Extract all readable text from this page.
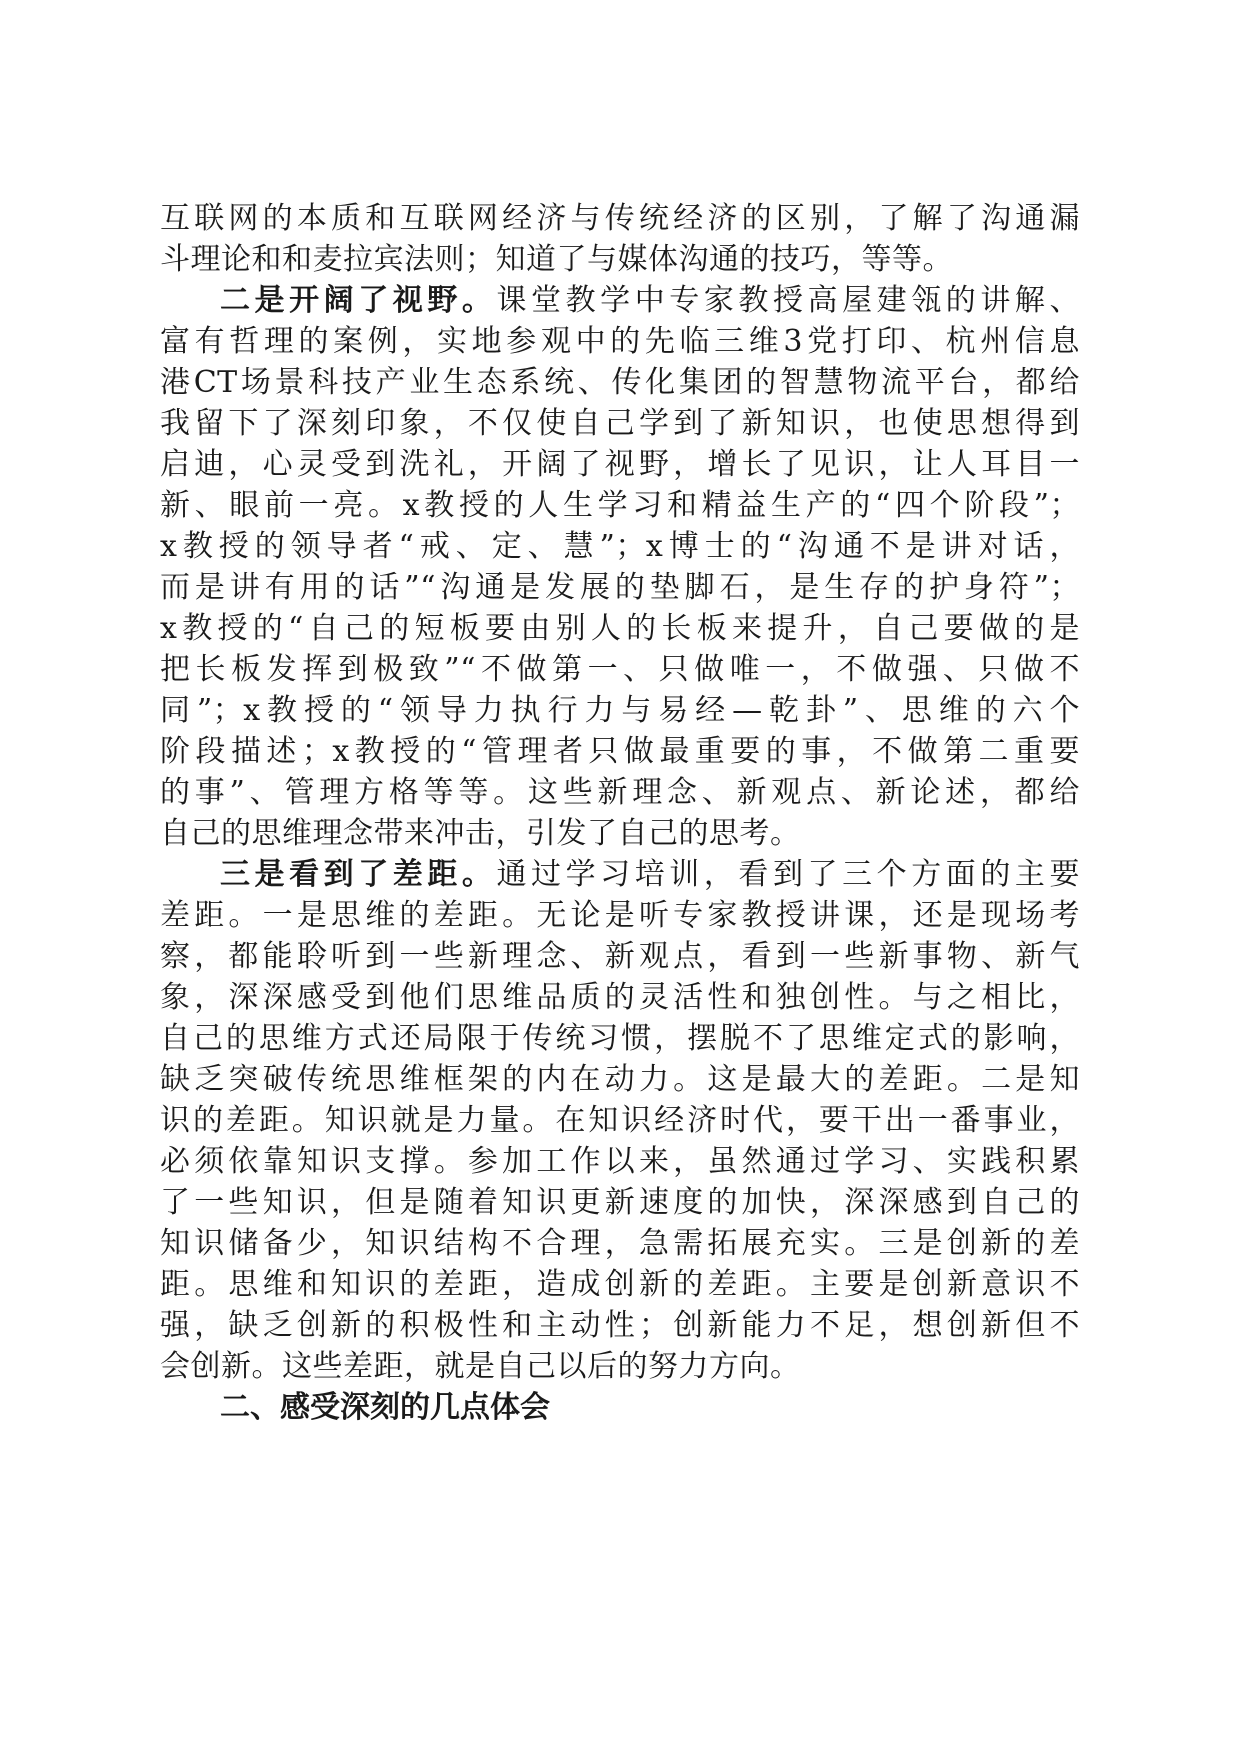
互联网的本质和互联网经济与传统经济的区别，了解了沟通漏
斗理论和和麦拉宾法则；知道了与媒体沟通的技巧，等等。
二是开阔了视野。课堂教学中专家教授高屋建瓴的讲解、
富有哲理的案例，实地参观中的先临三维3党打印、杭州信息
港CT场景科技产业生态系统、传化集团的智慧物流平台，都给
我留下了深刻印象，不仅使自己学到了新知识，也使思想得到
启迪，心灵受到洗礼，开阔了视野，增长了见识，让人耳目一
新、眼前一亮。x教授的人生学习和精益生产的“四个阶段”；
x教授的领导者“戒、定、慧”；x博士的“沟通不是讲对话，
而是讲有用的话”“沟通是发展的垫脚石，是生存的护身符”；
x教授的“自己的短板要由别人的长板来提升，自己要做的是
把长板发挥到极致”“不做第一、只做唯一，不做强、只做不
同”；x教授的“领导力执行力与易经—乾卦”、思维的六个
阶段描述；x教授的“管理者只做最重要的事，不做第二重要
的事”、管理方格等等。这些新理念、新观点、新论述，都给
自己的思维理念带来冲击，引发了自己的思考。
三是看到了差距。通过学习培训，看到了三个方面的主要
差距。一是思维的差距。无论是听专家教授讲课，还是现场考
察，都能聆听到一些新理念、新观点，看到一些新事物、新气
象，深深感受到他们思维品质的灵活性和独创性。与之相比，
自己的思维方式还局限于传统习惯，摆脱不了思维定式的影响，
缺乏突破传统思维框架的内在动力。这是最大的差距。二是知
识的差距。知识就是力量。在知识经济时代，要干出一番事业，
必须依靠知识支撑。参加工作以来，虽然通过学习、实践积累
了一些知识，但是随着知识更新速度的加快，深深感到自己的
知识储备少，知识结构不合理，急需拓展充实。三是创新的差
距。思维和知识的差距，造成创新的差距。主要是创新意识不
强，缺乏创新的积极性和主动性；创新能力不足，想创新但不
会创新。这些差距，就是自己以后的努力方向。
二、感受深刻的几点体会
